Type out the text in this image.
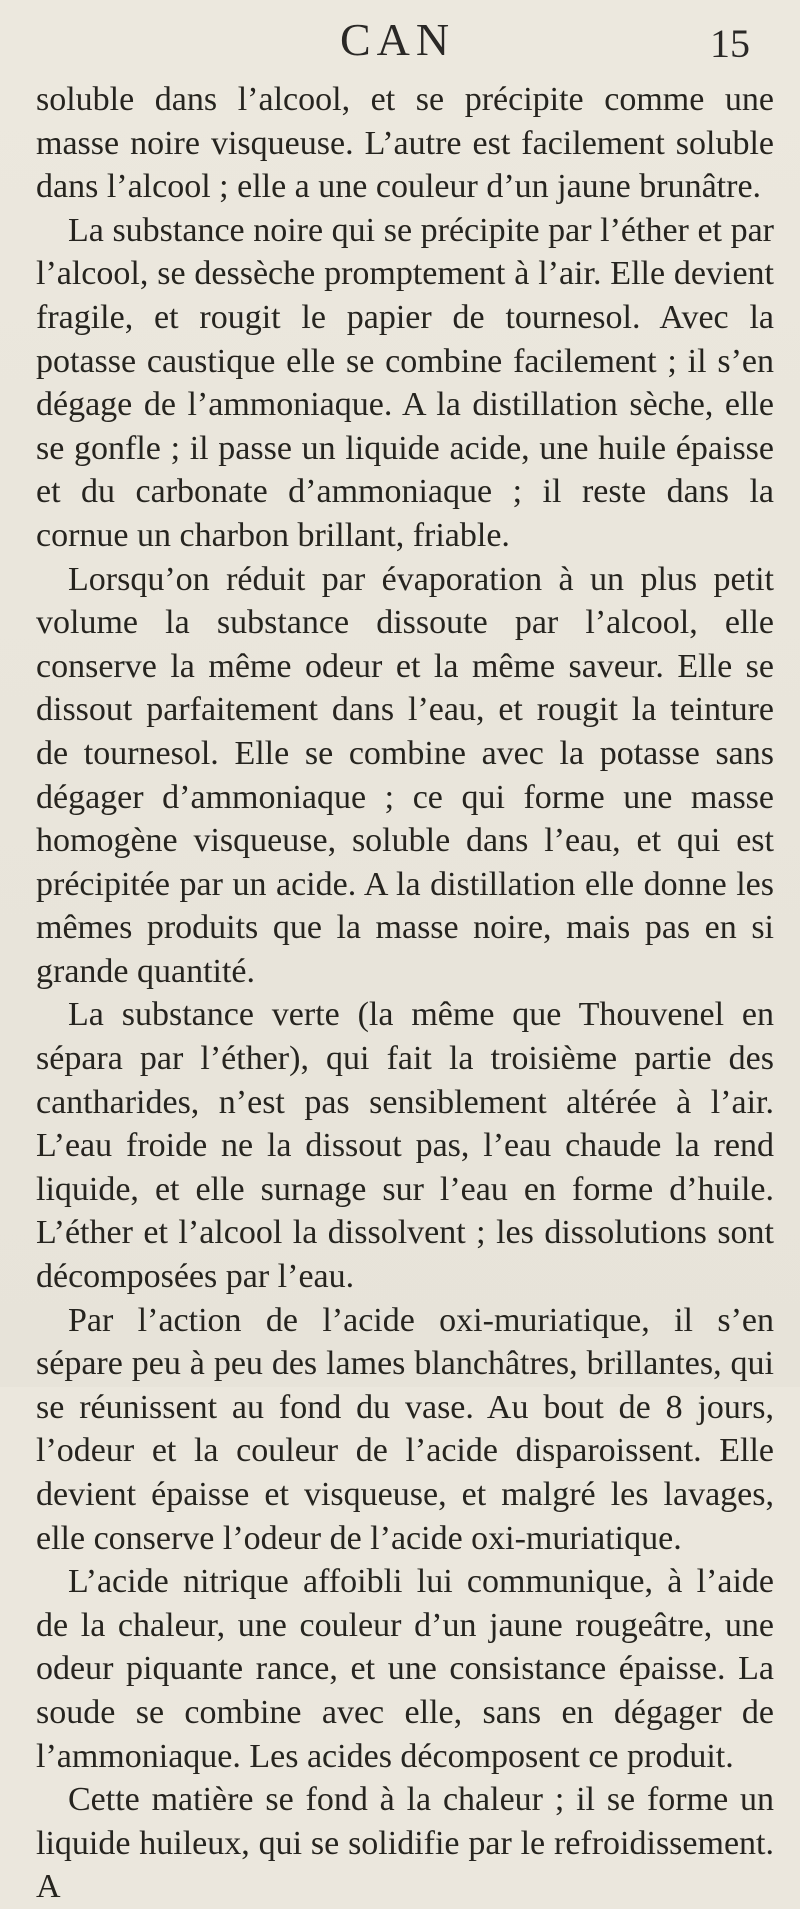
CAN	15

soluble dans l’alcool, et se précipite comme une masse noire visqueuse. L’autre est facilement soluble dans l’alcool ; elle a une couleur d’un jaune brunâtre.

La substance noire qui se précipite par l’éther et par l’alcool, se dessèche promptement à l’air. Elle devient fragile, et rougit le papier de tournesol. Avec la potasse caustique elle se combine facilement ; il s’en dégage de l’ammoniaque. A la distillation sèche, elle se gonfle ; il passe un liquide acide, une huile épaisse et du carbonate d’ammoniaque ; il reste dans la cornue un charbon brillant, friable.

Lorsqu’on réduit par évaporation à un plus petit volume la substance dissoute par l’alcool, elle conserve la même odeur et la même saveur. Elle se dissout parfaitement dans l’eau, et rougit la teinture de tournesol. Elle se combine avec la potasse sans dégager d’ammoniaque ; ce qui forme une masse homogène visqueuse, soluble dans l’eau, et qui est précipitée par un acide. A la distillation elle donne les mêmes produits que la masse noire, mais pas en si grande quantité.

La substance verte (la même que Thouvenel en sépara par l’éther), qui fait la troisième partie des cantharides, n’est pas sensiblement altérée à l’air. L’eau froide ne la dissout pas, l’eau chaude la rend liquide, et elle surnage sur l’eau en forme d’huile. L’éther et l’alcool la dissolvent ; les dissolutions sont décomposées par l’eau.

Par l’action de l’acide oxi-muriatique, il s’en sépare peu à peu des lames blanchâtres, brillantes, qui se réunissent au fond du vase. Au bout de 8 jours, l’odeur et la couleur de l’acide disparoissent. Elle devient épaisse et visqueuse, et malgré les lavages, elle conserve l’odeur de l’acide oxi-muriatique.

L’acide nitrique affoibli lui communique, à l’aide de la chaleur, une couleur d’un jaune rougeâtre, une odeur piquante rance, et une consistance épaisse. La soude se combine avec elle, sans en dégager de l’ammoniaque. Les acides décomposent ce produit.

Cette matière se fond à la chaleur ; il se forme un liquide huileux, qui se solidifie par le refroidissement. A
